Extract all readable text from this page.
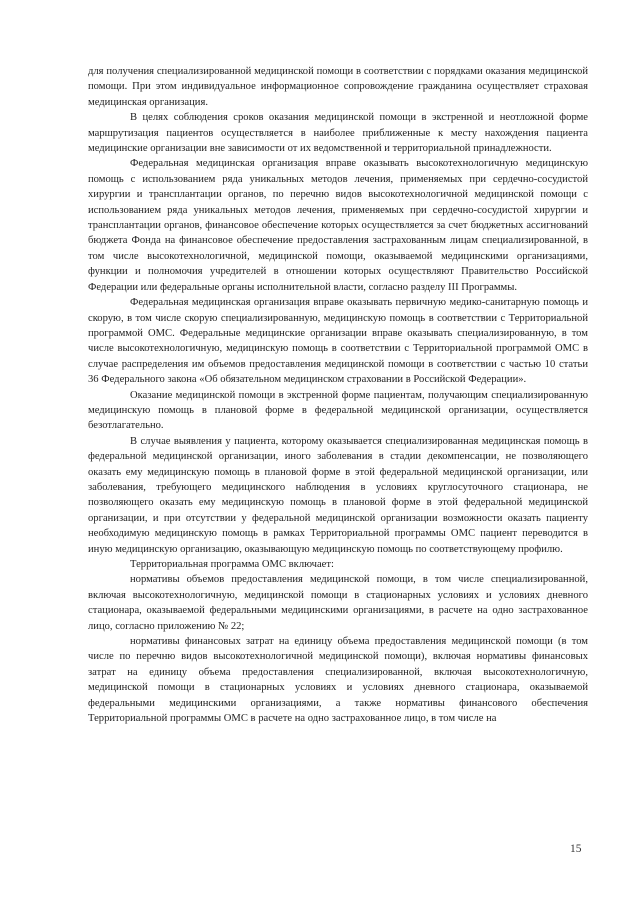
для получения специализированной медицинской помощи в соответствии с порядками оказания медицинской помощи. При этом индивидуальное информационное сопровождение гражданина осуществляет страховая медицинская организация.

В целях соблюдения сроков оказания медицинской помощи в экстренной и неотложной форме маршрутизация пациентов осуществляется в наиболее приближенные к месту нахождения пациента медицинские организации вне зависимости от их ведомственной и территориальной принадлежности.

Федеральная медицинская организация вправе оказывать высокотехнологичную медицинскую помощь с использованием ряда уникальных методов лечения, применяемых при сердечно-сосудистой хирургии и трансплантации органов, по перечню видов высокотехнологичной медицинской помощи с использованием ряда уникальных методов лечения, применяемых при сердечно-сосудистой хирургии и трансплантации органов, финансовое обеспечение которых осуществляется за счет бюджетных ассигнований бюджета Фонда на финансовое обеспечение предоставления застрахованным лицам специализированной, в том числе высокотехнологичной, медицинской помощи, оказываемой медицинскими организациями, функции и полномочия учредителей в отношении которых осуществляют Правительство Российской Федерации или федеральные органы исполнительной власти, согласно разделу III Программы.

Федеральная медицинская организация вправе оказывать первичную медико-санитарную помощь и скорую, в том числе скорую специализированную, медицинскую помощь в соответствии с Территориальной программой ОМС. Федеральные медицинские организации вправе оказывать специализированную, в том числе высокотехнологичную, медицинскую помощь в соответствии с Территориальной программой ОМС в случае распределения им объемов предоставления медицинской помощи в соответствии с частью 10 статьи 36 Федерального закона «Об обязательном медицинском страховании в Российской Федерации».

Оказание медицинской помощи в экстренной форме пациентам, получающим специализированную медицинскую помощь в плановой форме в федеральной медицинской организации, осуществляется безотлагательно.

В случае выявления у пациента, которому оказывается специализированная медицинская помощь в федеральной медицинской организации, иного заболевания в стадии декомпенсации, не позволяющего оказать ему медицинскую помощь в плановой форме в этой федеральной медицинской организации, или заболевания, требующего медицинского наблюдения в условиях круглосуточного стационара, не позволяющего оказать ему медицинскую помощь в плановой форме в этой федеральной медицинской организации, и при отсутствии у федеральной медицинской организации возможности оказать пациенту необходимую медицинскую помощь в рамках Территориальной программы ОМС пациент переводится в иную медицинскую организацию, оказывающую медицинскую помощь по соответствующему профилю.

Территориальная программа ОМС включает:

нормативы объемов предоставления медицинской помощи, в том числе специализированной, включая высокотехнологичную, медицинской помощи в стационарных условиях и условиях дневного стационара, оказываемой федеральными медицинскими организациями, в расчете на одно застрахованное лицо, согласно приложению № 22;

нормативы финансовых затрат на единицу объема предоставления медицинской помощи (в том числе по перечню видов высокотехнологичной медицинской помощи), включая нормативы финансовых затрат на единицу объема предоставления специализированной, включая высокотехнологичную, медицинской помощи в стационарных условиях и условиях дневного стационара, оказываемой федеральными медицинскими организациями, а также нормативы финансового обеспечения Территориальной программы ОМС в расчете на одно застрахованное лицо, в том числе на

15
